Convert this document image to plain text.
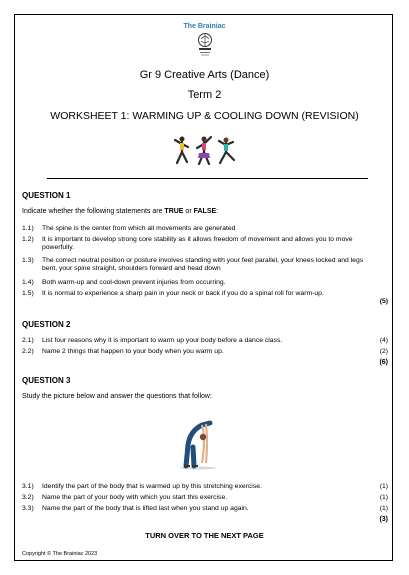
The Brainiac
Gr 9 Creative Arts (Dance)
Term 2
WORKSHEET 1: WARMING UP & COOLING DOWN (REVISION)
QUESTION 1
Indicate whether the following statements are TRUE or FALSE:
1.1) The spine is the center from which all movements are generated
1.2) It is important to develop strong core stability as it allows freedom of movement and allows you to move powerfully.
1.3) The correct neutral position or posture involves standing with your feet parallel, your knees locked and legs bent, your spine straight, shoulders forward and head down
1.4) Both warm-up and cool-down prevent injuries from occurring.
1.5) It is normal to experience a sharp pain in your neck or back if you do a spinal roll for warm-up.
(5)
QUESTION 2
2.1) List four reasons why it is important to warm up your body before a dance class.	(4)
2.2) Name 2 things that happen to your body when you warm up.	(2)
(6)
QUESTION 3
Study the picture below and answer the questions that follow:
3.1) Identify the part of the body that is warmed up by this stretching exercise.	(1)
3.2) Name the part of your body with which you start this exercise.	(1)
3.3) Name the part of the body that is lifted last when you stand up again.	(1)
(3)
TURN OVER TO THE NEXT PAGE
Copyright © The Brainiac 2023
